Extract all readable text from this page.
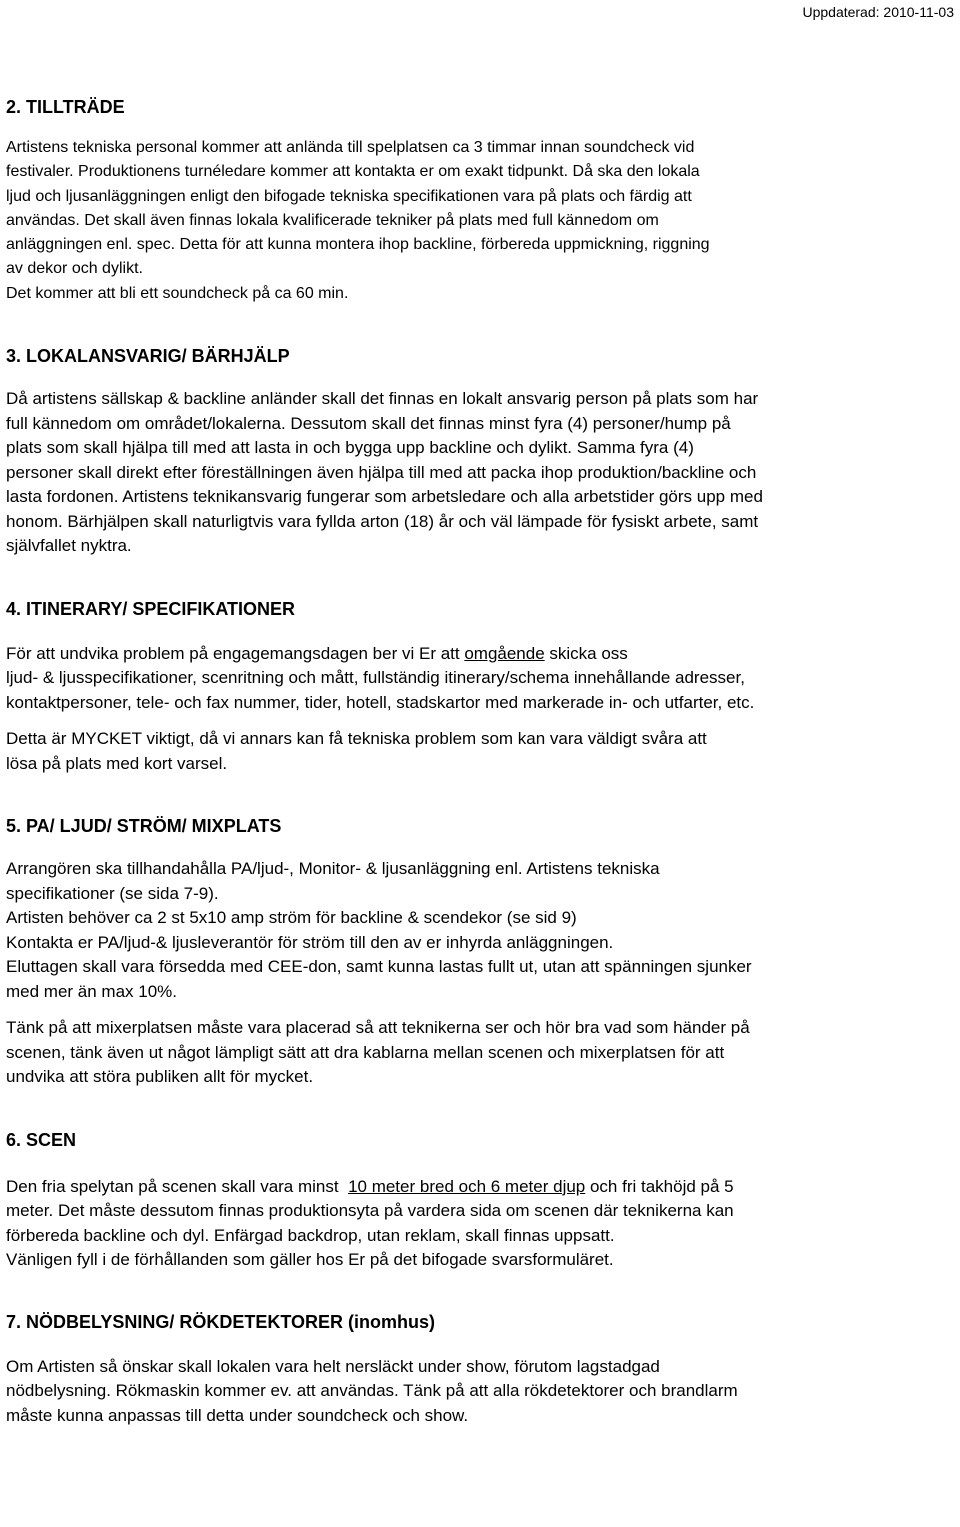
Uppdaterad: 2010-11-03
2. TILLTRÄDE

Artistens tekniska personal kommer att anlända till spelplatsen ca 3 timmar innan soundcheck vid
festivaler. Produktionens turnéledare kommer att kontakta er om exakt tidpunkt. Då ska den lokala
ljud och ljusanläggningen enligt den bifogade tekniska specifikationen vara på plats och färdig att
användas. Det skall även finnas lokala kvalificerade tekniker på plats med full kännedom om
anläggningen enl. spec. Detta för att kunna montera ihop backline, förbereda uppmickning, riggning
av dekor och dylikt.
Det kommer att bli ett soundcheck på ca 60 min.

3. LOKALANSVARIG/ BÄRHJÄLP

Då artistens sällskap & backline anländer skall det finnas en lokalt ansvarig person på plats som har
full kännedom om området/lokalerna. Dessutom skall det finnas minst fyra (4) personer/hump på
plats som skall hjälpa till med att lasta in och bygga upp backline och dylikt. Samma fyra (4)
personer skall direkt efter föreställningen även hjälpa till med att packa ihop produktion/backline och
lasta fordonen. Artistens teknikansvarig fungerar som arbetsledare och alla arbetstider görs upp med
honom. Bärhjälpen skall naturligtvis vara fyllda arton (18) år och väl lämpade för fysiskt arbete, samt
självfallet nyktra.

4. ITINERARY/ SPECIFIKATIONER

För att undvika problem på engagemangsdagen ber vi Er att omgående skicka oss
ljud- & ljusspecifikationer, scenritning och mått, fullständig itinerary/schema innehållande adresser,
kontaktpersoner, tele- och fax nummer, tider, hotell, stadskartor med markerade in- och utfarter, etc.

Detta är MYCKET viktigt, då vi annars kan få tekniska problem som kan vara väldigt svåra att
lösa på plats med kort varsel.

5. PA/ LJUD/ STRÖM/ MIXPLATS

Arrangören ska tillhandahålla PA/ljud-, Monitor- & ljusanläggning enl. Artistens tekniska
specifikationer (se sida 7-9).
Artisten behöver ca 2 st 5x10 amp ström för backline & scendekor (se sid 9)
Kontakta er PA/ljud-& ljusleverantör för ström till den av er inhyrda anläggningen.
Eluttagen skall vara försedda med CEE-don, samt kunna lastas fullt ut, utan att spänningen sjunker
med mer än max 10%.

Tänk på att mixerplatsen måste vara placerad så att teknikerna ser och hör bra vad som händer på
scenen, tänk även ut något lämpligt sätt att dra kablarna mellan scenen och mixerplatsen för att
undvika att störa publiken allt för mycket.

6. SCEN

Den fria spelytan på scenen skall vara minst  10 meter bred och 6 meter djup och fri takhöjd på 5
meter. Det måste dessutom finnas produktionsyta på vardera sida om scenen där teknikerna kan
förbereda backline och dyl. Enfärgad backdrop, utan reklam, skall finnas uppsatt.
Vänligen fyll i de förhållanden som gäller hos Er på det bifogade svarsformuläret.

7. NÖDBELYSNING/ RÖKDETEKTORER (inomhus)

Om Artisten så önskar skall lokalen vara helt nersläckt under show, förutom lagstadgad
nödbelysning. Rökmaskin kommer ev. att användas. Tänk på att alla rökdetektorer och brandlarm
måste kunna anpassas till detta under soundcheck och show.
